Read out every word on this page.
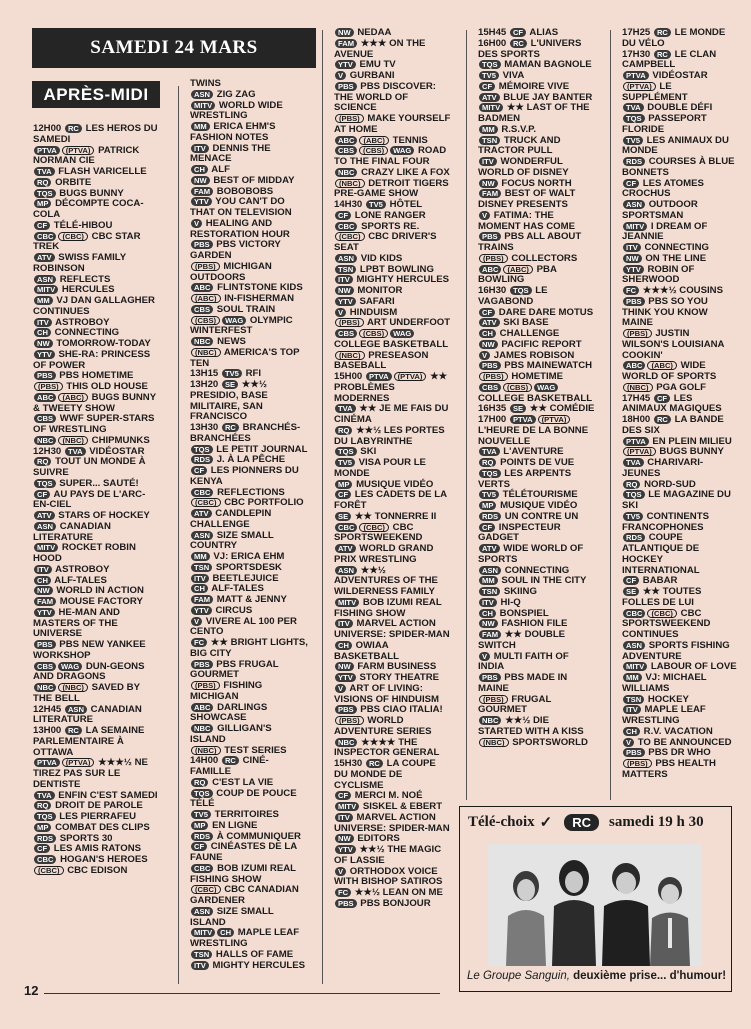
SAMEDI 24 MARS
APRÈS-MIDI
12H00 RC LES HÉROS DU SAMEDI
PTVA (PTVA) PATRICK NORMAN CIE
TVA FLASH VARICELLE
RQ ORBITE
TQS BUGS BUNNY
MP DÉCOMPTE COCA-COLA
CF TÉLÉ-HIBOU
CBC (CBC) CBC STAR TREK
ATV SWISS FAMILY ROBINSON
ASN REFLECTS
MITV HERCULES
MM VJ DAN GALLAGHER CONTINUES
ITV ASTROBOY
CH CONNECTING
NW TOMORROW-TODAY
YTV SHE-RA: PRINCESS OF POWER
PBS PBS HOMETIME
(PBS) THIS OLD HOUSE
ABC (ABC) BUGS BUNNY & TWEETY SHOW
CBS WWF SUPER-STARS OF WRESTLING
NBC (NBC) CHIPMUNKS
12H30 TVA VIDÉOSTAR
RQ TOUT UN MONDE À SUIVRE
TQS SUPER... SAUTÉ!
CF AU PAYS DE L'ARC-EN-CIEL
ATV STARS OF HOCKEY
ASN CANADIAN LITERATURE
MITV ROCKET ROBIN HOOD
ITV ASTROBOY
CH ALF-TALES
NW WORLD IN ACTION
FAM MOUSE FACTORY
YTV HE-MAN AND MASTERS OF THE UNIVERSE
PBS PBS NEW YANKEE WORKSHOP
CBS WAG DUN-GEONS AND DRAGONS
NBC (NBC) SAVED BY THE BELL
12H45 ASN CANADIAN LITERATURE
13H00 RC LA SEMAINE PARLEMENTAIRE À OTTAWA
PTVA (PTVA) ★★★½ NE TIREZ PAS SUR LE DENTISTE
TVA ENFIN C'EST SAMEDI
RQ DROIT DE PAROLE
TQS LES PIERRAFEU
MP COMBAT DES CLIPS
RDS SPORTS 30
CF LES AMIS RATONS
CBC HOGAN'S HEROES
(CBC) CBC EDISON
TWINS
ASN ZIG ZAG
MITV WORLD WIDE WRESTLING
MM ERICA EHM'S FASHION NOTES
ITV DENNIS THE MENACE
CH ALF
NW BEST OF MIDDAY
FAM BOBOBOBS
YTV YOU CAN'T DO THAT ON TELEVISION
V HEALING AND RESTORATION HOUR
PBS PBS VICTORY GARDEN
(PBS) MICHIGAN OUTDOORS
ABC FLINTSTONE KIDS
(ABC) IN-FISHERMAN
CBS SOUL TRAIN
(CBS) WAG OLYMPIC WINTERFEST
NBC NEWS
(NBC) AMERICA'S TOP TEN
13H15 TV5 RFI
13H20 SE ★★½ PRESIDIO, BASE MILITAIRE, SAN FRANCISCO
13H30 RC BRANCHÉS-BRANCHÉES
TQS LE PETIT JOURNAL
RDS J. À LA PÊCHE
CF LES PIONNERS DU KENYA
CBC REFLECTIONS
(CBC) CBC PORTFOLIO
ATV CANDLEPIN CHALLENGE
ASN SIZE SMALL COUNTRY
MM VJ: ERICA EHM
TSN SPORTSDESK
ITV BEETLEJUICE
CH ALF-TALES
FAM MATT & JENNY
YTV CIRCUS
V VIVERE AL 100 PER CENTO
FC ★★ BRIGHT LIGHTS, BIG CITY
PBS PBS FRUGAL GOURMET
(PBS) FISHING MICHIGAN
ABC DARLINGS SHOWCASE
NBC GILLIGAN'S ISLAND
(NBC) TEST SERIES
14H00 RC CINÉ-FAMILLE
RQ C'EST LA VIE
TQS COUP DE POUCE TÉLÉ
TV5 TERRITOIRES
MP EN LIGNE
RDS À COMMUNIQUER
CF CINÉASTES DE LA FAUNE
CBC BOB IZUMI REAL FISHING SHOW
(CBC) CBC CANADIAN GARDENER
ASN SIZE SMALL ISLAND
MITV CH MAPLE LEAF WRESTLING
TSN HALLS OF FAME
ITV MIGHTY HERCULES
NW NEDAA
FAM ★★★ ON THE AVENUE
YTV EMU TV
V GURBANI
PBS PBS DISCOVER: THE WORLD OF SCIENCE
(PBS) MAKE YOURSELF AT HOME
ABC (ABC) TENNIS
CBS (CBS) WAG ROAD TO THE FINAL FOUR
NBC CRAZY LIKE A FOX
(NBC) DETROIT TIGERS PRE-GAME SHOW
14H30 TV5 HÔTEL
CF LONE RANGER
CBC SPORTS RE.
(CBC) CBC DRIVER'S SEAT
ASN VID KIDS
TSN LPBT BOWLING
ITV MIGHTY HERCULES
NW MONITOR
YTV SAFARI
V HINDUISM
(PBS) ART UNDERFOOT
CBS (CBS) WAG COLLEGE BASKETBALL
(NBC) PRESEASON BASEBALL
15H00 PTVA (PTVA) ★★ PROBLÈMES MODERNES
TVA ★★ JE ME FAIS DU CINÉMA
RQ ★★½ LES PORTES DU LABYRINTHE
TQS SKI
TV5 VISA POUR LE MONDE
MP MUSIQUE VIDÉO
CF LES CADETS DE LA FORÊT
SE ★★ TONNERRE II
CBC (CBC) CBC SPORTSWEEKEND
ATV WORLD GRAND PRIX WRESTLING
ASN ★★½ ADVENTURES OF THE WILDERNESS FAMILY
MITV BOB IZUMI REAL FISHING SHOW
ITV MARVEL ACTION UNIVERSE: SPIDER-MAN
CH OWIAA BASKETBALL
NW FARM BUSINESS
YTV STORY THEATRE
V ART OF LIVING: VISIONS OF HINDUISM
PBS PBS CIAO ITALIA!
(PBS) WORLD ADVENTURE SERIES
NBC ★★★★ THE INSPECTOR GENERAL
15H30 RC LA COUPE DU MONDE DE CYCLISME
CF MERCI M. NOÉ
MITV SISKEL & EBERT
ITV MARVEL ACTION UNIVERSE: SPIDER-MAN
NW EDITORS
YTV ★★½ THE MAGIC OF LASSIE
V ORTHODOX VOICE WITH BISHOP SATIROS
FC ★★½ LEAN ON ME
PBS PBS BONJOUR
15H45 CF ALIAS
16H00 RC L'UNIVERS DES SPORTS
TQS MAMAN BAGNOLE
TV5 VIVA
CF MÉMOIRE VIVE
ATV BLUE JAY BANTER
MITV ★★ LAST OF THE BADMEN
MM R.S.V.P.
TSN TRUCK AND TRACTOR PULL
ITV WONDERFUL WORLD OF DISNEY
NW FOCUS NORTH
FAM BEST OF WALT DISNEY PRESENTS
V FATIMA: THE MOMENT HAS COME
PBS PBS ALL ABOUT TRAINS
(PBS) COLLECTORS
ABC (ABC) PBA BOWLING
16H30 TQS LE VAGABOND
CF DARE DARE MOTUS
ATV SKI BASE
CH CHALLENGE
NW PACIFIC REPORT
V JAMES ROBISON
PBS PBS MAINEWATCH
(PBS) HOMETIME
CBS (CBS) WAG COLLEGE BASKETBALL
16H35 SE ★★ COMÉDIE
17H00 PTVA (PTVA) L'HEURE DE LA BONNE NOUVELLE
TVA L'AVENTURE
RQ POINTS DE VUE
TQS LES ARPENTS VERTS
TV5 TÉLÉTOURISME
MP MUSIQUE VIDÉO
RDS UN CONTRE UN
CF INSPECTEUR GADGET
ATV WIDE WORLD OF SPORTS
ASN CONNECTING
MM SOUL IN THE CITY
TSN SKIING
ITV HI-Q
CH BONSPIEL
NW FASHION FILE
FAM ★★ DOUBLE SWITCH
V MULTI FAITH OF INDIA
PBS PBS MADE IN MAINE
(PBS) FRUGAL GOURMET
NBC ★★½ DIE STARTED WITH A KISS
(NBC) SPORTSWORLD
17H25 RC LE MONDE DU VÉLO
17H30 RC LE CLAN CAMPBELL
PTVA VIDÉOSTAR
(PTVA) LE SUPPLÉMENT
TVA DOUBLE DÉFI
TQS PASSEPORT FLORIDE
TV5 LES ANIMAUX DU MONDE
RDS COURSES À BLUE BONNETS
CF LES ATOMES CROCHUS
ASN OUTDOOR SPORTSMAN
MITV I DREAM OF JEANNIE
ITV CONNECTING
NW ON THE LINE
YTV ROBIN OF SHERWOOD
FC ★★★½ COUSINS
PBS PBS SO YOU THINK YOU KNOW MAINE
(PBS) JUSTIN WILSON'S LOUISIANA COOKIN'
ABC (ABC) WIDE WORLD OF SPORTS
(NBC) PGA GOLF
17H45 CF LES ANIMAUX MAGIQUES
18H00 RC LA BANDE DES SIX
PTVA EN PLEIN MILIEU
(PTVA) BUGS BUNNY
TVA CHARIVARI-JEUNES
RQ NORD-SUD
TQS LE MAGAZINE DU SKI
TV5 CONTINENTS FRANCOPHONES
RDS COUPE ATLANTIQUE DE HOCKEY INTERNATIONAL
CF BABAR
SE ★★ TOUTES FOLLES DE LUI
CBC (CBC) CBC SPORTSWEEKEND CONTINUES
ASN SPORTS FISHING ADVENTURE
MITV LABOUR OF LOVE
MM VJ: MICHAEL WILLIAMS
TSN HOCKEY
ITV MAPLE LEAF WRESTLING
CH R.V. VACATION
V TO BE ANNOUNCED
PBS PBS DR WHO
(PBS) PBS HEALTH MATTERS
12
Télé-choix ✓	RC	samedi 19 h 30
Le Groupe Sanguin, deuxième prise... d'humour!
